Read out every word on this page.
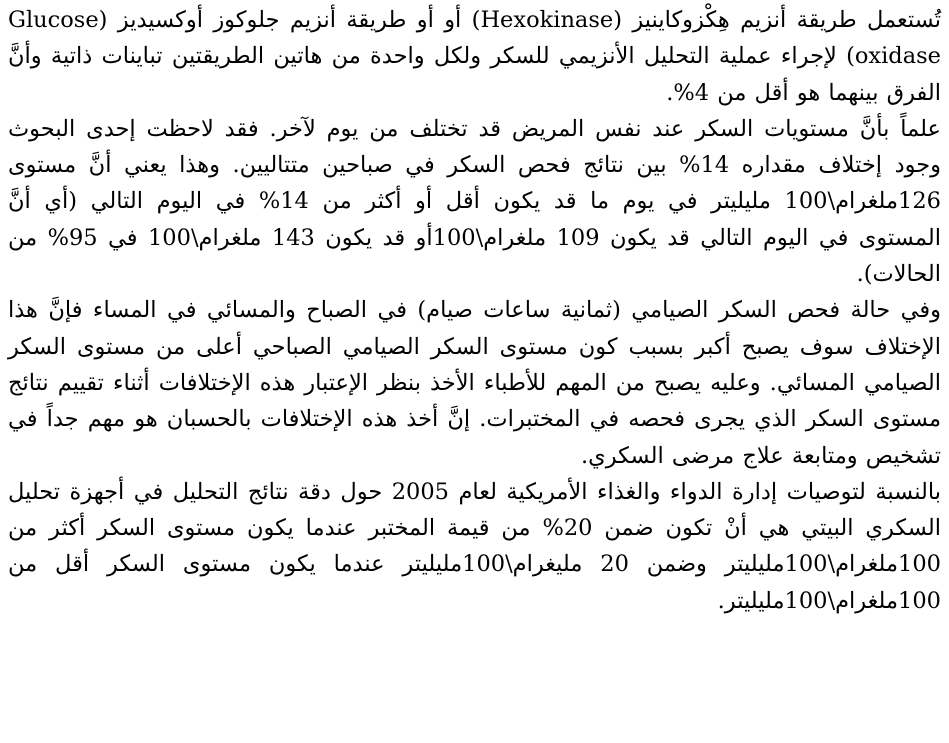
تُستعمل طريقة أنزيم هِكْزوكاينيز (Hexokinase) أو أو طريقة أنزيم جلوكوز أوكسيديز (Glucose oxidase) لإجراء عملية التحليل الأنزيمي للسكر ولكل واحدة من هاتين الطريقتين تباينات ذاتية وأنَّ الفرق بينهما هو أقل من 4%.

علماً بأنَّ مستويات السكر عند نفس المريض قد تختلف من يوم لآخر. فقد لاحظت إحدى البحوث وجود إختلاف مقداره 14% بين نتائج فحص السكر في صباحين متتاليين. وهذا يعني أنَّ مستوى 126ملغرام\100 مليليتر في يوم ما قد يكون أقل أو أكثر من 14% في اليوم التالي (أي أنَّ المستوى في اليوم التالي قد يكون 109 ملغرام\100أو قد يكون 143 ملغرام\100 في 95% من الحالات).

وفي حالة فحص السكر الصيامي (ثمانية ساعات صيام) في الصباح والمسائي في المساء فإنَّ هذا الإختلاف سوف يصبح أكبر بسبب كون مستوى السكر الصيامي الصباحي أعلى من مستوى السكر الصيامي المسائي. وعليه يصبح من المهم للأطباء الأخذ بنظر الإعتبار هذه الإختلافات أثناء تقييم نتائج مستوى السكر الذي يجرى فحصه في المختبرات. إنَّ أخذ هذه الإختلافات بالحسبان هو مهم جداً في تشخيص ومتابعة علاج مرضى السكري.

بالنسبة لتوصيات إدارة الدواء والغذاء الأمريكية لعام 2005 حول دقة نتائج التحليل في أجهزة تحليل السكري البيتي هي أنْ تكون ضمن 20% من قيمة المختبر عندما يكون مستوى السكر أكثر من 100ملغرام\100مليليتر وضمن 20 مليغرام\100مليليتر عندما يكون مستوى السكر أقل من 100ملغرام\100مليليتر.
